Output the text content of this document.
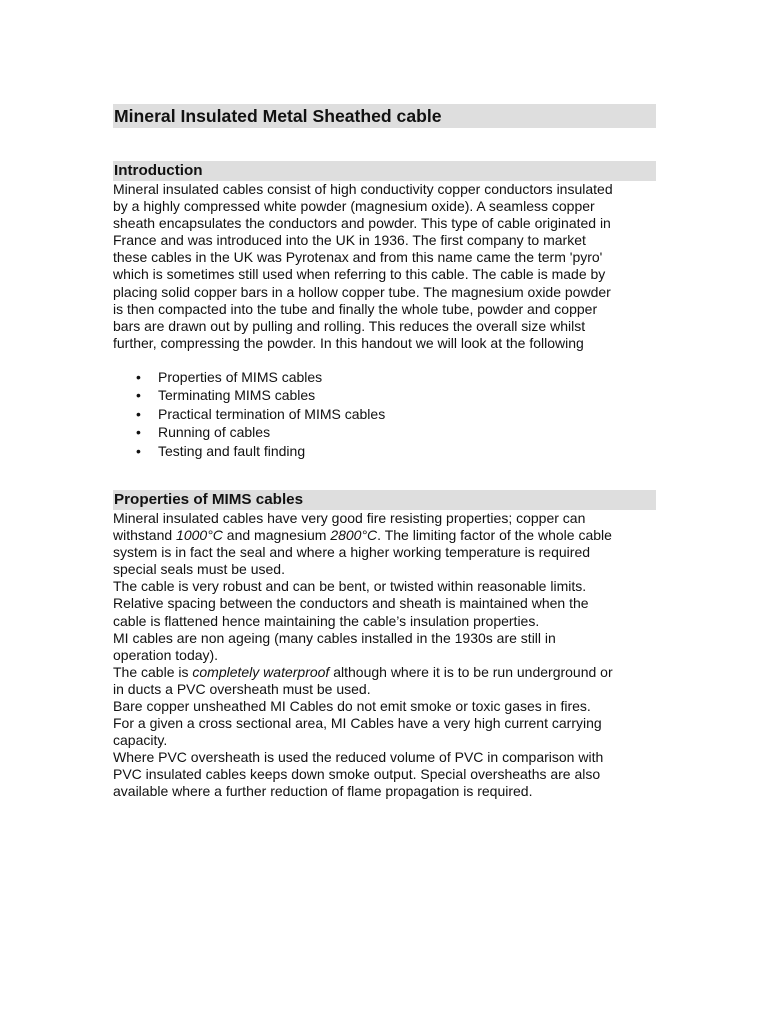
Mineral Insulated Metal Sheathed cable
Introduction

Mineral insulated cables consist of high conductivity copper conductors insulated
by a highly compressed white powder (magnesium oxide). A seamless copper
sheath encapsulates the conductors and powder. This type of cable originated in
France and was introduced into the UK in 1936. The first company to market
these cables in the UK was Pyrotenax and from this name came the term 'pyro'
which is sometimes still used when referring to this cable. The cable is made by
placing solid copper bars in a hollow copper tube. The magnesium oxide powder
is then compacted into the tube and finally the whole tube, powder and copper
bars are drawn out by pulling and rolling. This reduces the overall size whilst
further, compressing the powder. In this handout we will look at the following

• Properties of MIMS cables
• Terminating MIMS cables
• Practical termination of MIMS cables
• Running of cables
• Testing and fault finding
Properties of MIMS cables

Mineral insulated cables have very good fire resisting properties; copper can
withstand 1000°C and magnesium 2800°C. The limiting factor of the whole cable
system is in fact the seal and where a higher working temperature is required
special seals must be used.
The cable is very robust and can be bent, or twisted within reasonable limits.
Relative spacing between the conductors and sheath is maintained when the
cable is flattened hence maintaining the cable’s insulation properties.
MI cables are non ageing (many cables installed in the 1930s are still in
operation today).

The cable is completely waterproof although where it is to be run underground or
in ducts a PVC oversheath must be used.
Bare copper unsheathed MI Cables do not emit smoke or toxic gases in fires.
For a given a cross sectional area, MI Cables have a very high current carrying
capacity.

Where PVC oversheath is used the reduced volume of PVC in comparison with
PVC insulated cables keeps down smoke output. Special oversheaths are also
available where a further reduction of flame propagation is required.
